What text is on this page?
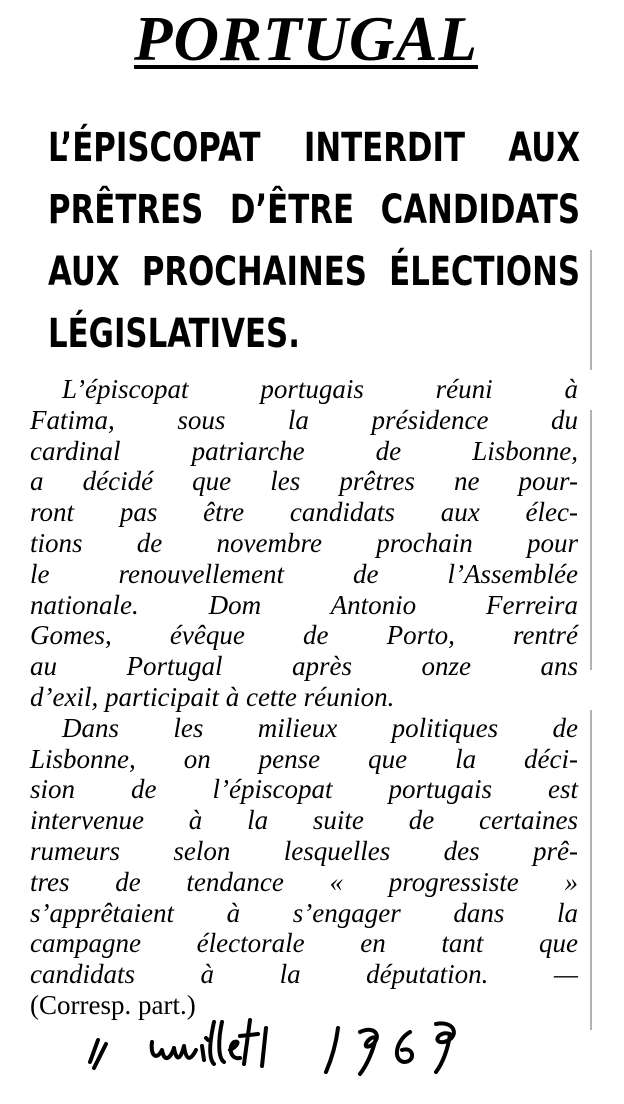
PORTUGAL
L’ÉPISCOPAT INTERDIT AUX
PRÊTRES D’ÊTRE CANDIDATS
AUX PROCHAINES ÉLECTIONS
LÉGISLATIVES.
L’épiscopat portugais réuni à
Fatima, sous la présidence du
cardinal patriarche de Lisbonne,
a décidé que les prêtres ne pour-
ront pas être candidats aux élec-
tions de novembre prochain pour
le renouvellement de l’Assemblée
nationale. Dom Antonio Ferreira
Gomes, évêque de Porto, rentré
au Portugal après onze ans
d’exil, participait à cette réunion.
Dans les milieux politiques de
Lisbonne, on pense que la déci-
sion de l’épiscopat portugais est
intervenue à la suite de certaines
rumeurs selon lesquelles des prê-
tres de tendance « progressiste »
s’apprêtaient à s’engager dans la
campagne électorale en tant que
candidats à la députation. —
(Corresp. part.)
